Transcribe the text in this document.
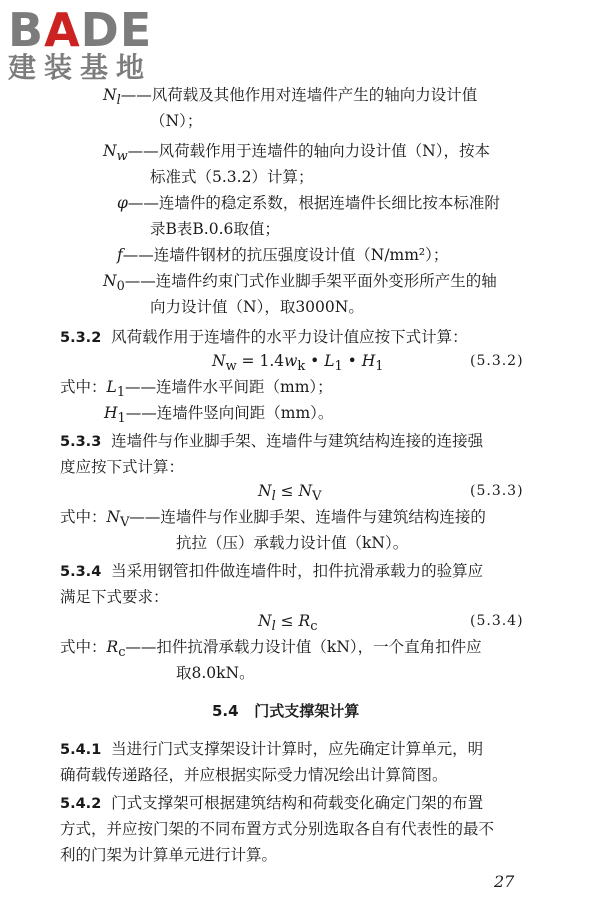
BADE
建装基地
$N_l——$风荷载及其他作用对连墙件产生的轴向力设计值
（N）；
$N_w——$风荷载作用于连墙件的轴向力设计值（N），按本
标准式（5.3.2）计算；
φ——连墙件的稳定系数，根据连墙件长细比按本标准附
录B表B.0.6取值；
f——连墙件钢材的抗压强度设计值（N/mm²）；
$N_0——$连墙件约束门式作业脚手架平面外变形所产生的轴
向力设计值（N），取3000N。
5.3.2 风荷载作用于连墙件的水平力设计值应按下式计算：
$N_w = 1.4w_k$ • $L_1$ • $H_1$	(5.3.2)
式中：$L_1——$连墙件水平间距（mm）；
$H_1——$连墙件竖向间距（mm）。
5.3.3 连墙件与作业脚手架、连墙件与建筑结构连接的连接强
度应按下式计算：
$N_l \le N_V$	(5.3.3)
式中：$N_V——$连墙件与作业脚手架、连墙件与建筑结构连接的
抗拉（压）承载力设计值（kN）。
5.3.4 当采用钢管扣件做连墙件时，扣件抗滑承载力的验算应
满足下式要求：
$N_l \le R_c$	(5.3.4)
式中：$R_c——$扣件抗滑承载力设计值（kN），一个直角扣件应
取8.0kN。
5.4 门式支撑架计算
5.4.1 当进行门式支撑架设计计算时，应先确定计算单元，明
确荷载传递路径，并应根据实际受力情况绘出计算简图。
5.4.2 门式支撑架可根据建筑结构和荷载变化确定门架的布置
方式，并应按门架的不同布置方式分别选取各自有代表性的最不
利的门架为计算单元进行计算。
27
